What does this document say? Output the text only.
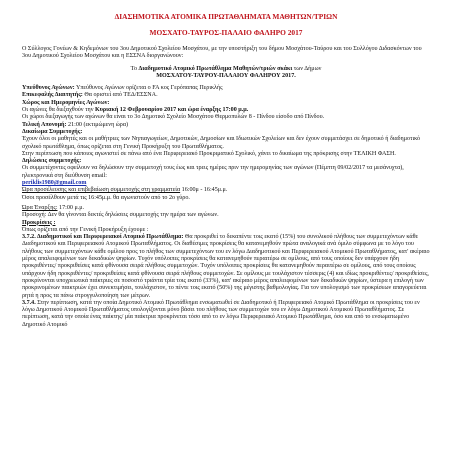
ΔΙΑΣΗΜΟΤΙΚΑ ΑΤΟΜΙΚΑ ΠΡΩΤΑΘΛΗΜΑΤΑ ΜΑΘΗΤΩΝ/ΤΡΙΩΝ

ΜΟΣΧΑΤΟ-ΤΑΥΡΟΣ-ΠΑΛΑΙΟ ΦΑΛΗΡΟ 2017

Ο Σύλλογος Γονέων & Κηδεμόνων του 3ου Δημοτικού Σχολείου Μοσχάτου, με την υποστήριξη του δήμου Μοσχάτου-Ταύρου και του Συλλόγου Διδασκόντων του 3ου Δημοτικού Σχολείου Μοσχάτου και η ΕΣΣΝΑ διοργανώνουν:

Το Διαδημοτικό Ατομικό Πρωτάθλημα Μαθητών/τριών σκάκι των Δήμων

ΜΟΣΧΑΤΟΥ-ΤΑΥΡΟΥ-ΠΑΛΑΙΟΥ ΦΑΛΗΡΟΥ 2017.

Υπεύθυνος Αγώνων: Υπεύθυνος Αγώνων ορίζεται ο FA κος Γερόπαπας Περικλής

Επικεφαλής Διαιτητής: Θα οριστεί από ΤΕΔ/ΕΣΣΝΑ.

Χώρος και Ημερομηνίες Αγώνων:

Οι αγώνες θα διεξαχθούν την Κυριακή 12 Φεβρουαρίου 2017 και ώρα έναρξης 17:00 μ.μ.

Οι χώροι διεξαγωγής των αγώνων θα είναι το 3ο Δημοτικό Σχολείο Μοσχάτου Θερμοπυλών 8 - Πίνδου είσοδο από Πίνδου.

Τελική Απονομή: 21:00 (εκτιμώμενη ώρα)

Δικαίωμα Συμμετοχής:

Έχουν όλοι οι μαθητές και οι μαθήτριες των Νηπιαγωγείων, Δημοτικών, Δημοσίων και Ιδιωτικών Σχολείων και δεν έχουν συμμετάσχει σε δημοτικό ή διαδημοτικό σχολικό πρωτάθλημα, όπως ορίζεται στη Γενική Προκήρυξη του Πρωταθλήματος.

Στην περίπτωση που κάποιος αγωνιστεί σε πάνω από ένα Περιφερειακό Προκριματικό Σχολικό, χάνει το δικαίωμα της πρόκρισης στην ΤΕΛΙΚΗ ΦΑΣΗ.

Δηλώσεις συμμετοχής:

Οι συμμετέχοντες οφείλουν να δηλώσουν την συμμετοχή τους έως και τρεις ημέρες πριν την ημερομηνίας των αγώνων (Πέμπτη 09/02/2017 τα μεσάνυχτα), ηλεκτρονικά στη διεύθυνση email:

periklis1980@gmail.com

Ώρα προσέλευσης και επιβεβαίωση συμμετοχής στη γραμματεία 16:00μ - 16:45μ.μ.

Όσοι προσέλθουν μετά τις 16:45μ.μ. θα αγωνιστούν από το 2ο γύρο.

Ώρα Έναρξης: 17:00 μ.μ.

Προσοχή: Δεν θα γίνονται δεκτές δηλώσεις συμμετοχής την ημέρα των αγώνων.

Προκρίσεις :

Όπως ορίζεται από την Γενική Προκήρυξη έχουμε :

3.7.2. Διαδημοτικοί και Περιφερειακοί Ατομικό Πρωτάθλημα: Θα προκριθεί το δεκαπέντε τοις εκατό (15%) του συνολικού πλήθους των συμμετεχόντων κάθε Διαδημοτικού και Περιφερειακού Ατομικού Πρωταθλήματος. Οι διαθέσιμες προκρίσεις θα κατανεμηθούν πρώτα αναλογικά ανά όμιλο σύμφωνα με το λόγο του πλήθους των συμμετεχόντων κάθε ομίλου προς το πλήθος των συμμετεχόντων του εν λόγω Διαδημοτικού και Περιφερειακού Ατομικού Πρωταθλήματος, κατ' ακέραιο μέρος απαλειφομένων των δεκαδικών ψηφίων. Τυχόν υπόλοιπες προκρίσεις θα κατανεμηθούν περαιτέρω σε ομίλους, από τους οποίους δεν υπάρχουν ήδη προκριθέντες/ προκριθείσες κατά φθίνουσα σειρά πλήθους συμμετοχών. Τυχόν υπόλοιπες προκρίσεις θα κατανεμηθούν περαιτέρω σε ομίλους, από τους οποίους υπάρχουν ήδη προκριθέντες/ προκριθείσες κατά φθίνουσα σειρά πλήθους συμμετοχών. Σε ομίλους με τουλάχιστον τέσσερις (4) και ιδίως προκριθέντες/ προκριθείσες, προκρίνονται υποχρεωτικά παίκτριες σε ποσοστό τριάντα τρία τοις εκατό (33%), κατ' ακέραιο μέρος απαλειφομένων των δεκαδικών ψηφίων, ύστερα η επιλογή των προκρινομένων παικτριών έχει συνεκτιμήσει, τουλάχιστον, το πέντε τοις εκατό (50%) της μέγιστης βαθμολογίας. Για τον υπολογισμό των προκρίσεων απαγορεύεται ρητά η προς τα πάνω στρογγυλοποίηση των μέτρων.

3.7.4. Στην περίπτωση, κατά την οποία Δημοτικό Ατομικό Πρωτάθλημα ενσωματωθεί σε Διαδημοτικό ή Περιφερειακό Ατομικό Πρωτάθλημα οι προκρίσεις του εν λόγω Δημοτικού Ατομικού Πρωταθλήματος υπολογίζονται μόνο βάσει του πλήθους των συμμετοχών του εν λόγω Δημοτικού Ατομικού Πρωταθλήματος. Σε περίπτωση, κατά την οποία ένας παίκτης/ μία παίκτρια προκρίνεται τόσο από το εν λόγω Περιφερειακό Ατομικό Πρωτάθλημα, όσο και από το ενσωματωμένο Δημοτικό Ατομικό
